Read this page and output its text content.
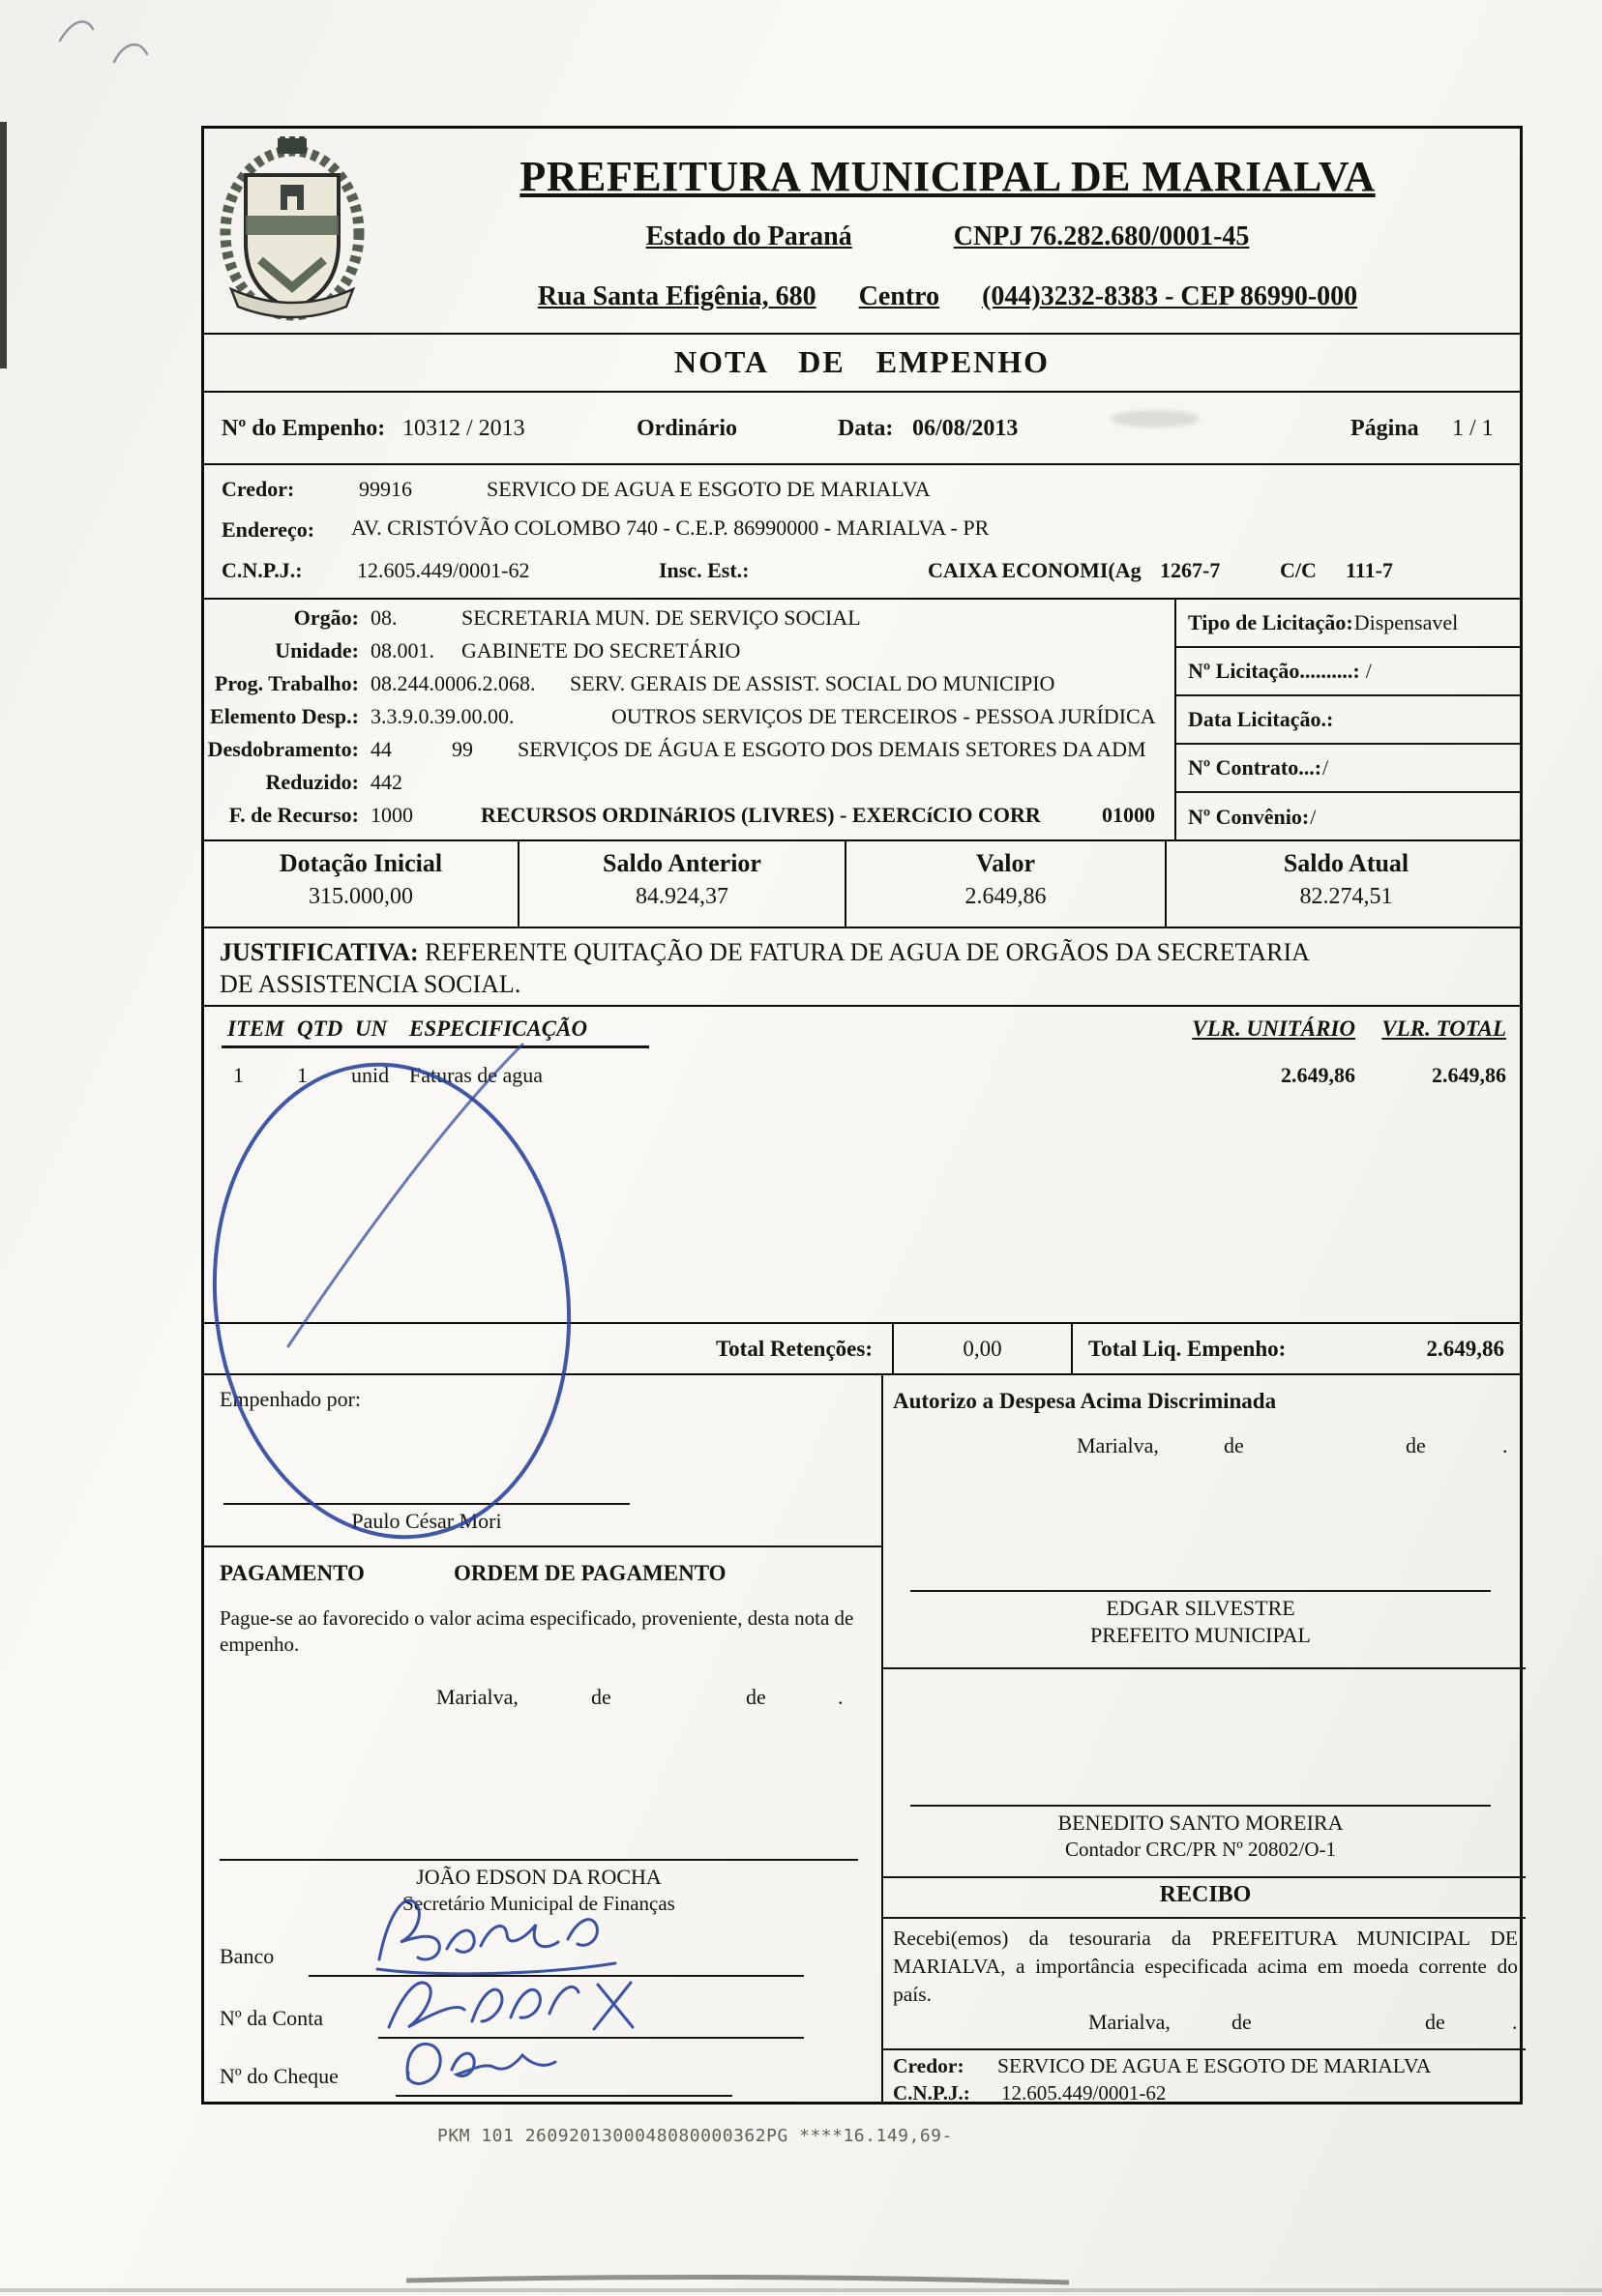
PREFEITURA MUNICIPAL DE MARIALVA
Estado do Paraná	CNPJ 76.282.680/0001-45
Rua Santa Efigênia, 680 Centro (044)3232-8383 - CEP 86990-000
NOTA DE EMPENHO
Nº do Empenho: 10312 / 2013	Ordinário	Data: 06/08/2013	Página 1 / 1
Credor:	99916	SERVICO DE AGUA E ESGOTO DE MARIALVA
Endereço: AV. CRISTÓVÃO COLOMBO 740 - C.E.P. 86990000 - MARIALVA - PR
C.N.P.J.:	12.605.449/0001-62	Insc. Est.:	CAIXA ECONOMI(Ag 1267-7	C/C 111-7
Orgão: 08.	SECRETARIA MUN. DE SERVIÇO SOCIAL
Unidade: 08.001. GABINETE DO SECRETÁRIO
Prog. Trabalho: 08.244.0006.2.068. SERV. GERAIS DE ASSIST. SOCIAL DO MUNICIPIO
Elemento Desp.: 3.3.9.0.39.00.00.	OUTROS SERVIÇOS DE TERCEIROS - PESSOA JURÍDICA
Desdobramento: 44	99 SERVIÇOS DE ÁGUA E ESGOTO DOS DEMAIS SETORES DA ADM
Reduzido: 442
F. de Recurso: 1000	RECURSOS ORDINáRIOS (LIVRES) - EXERCíCIO CORR	01000
Tipo de Licitação: Dispensavel
Nº Licitação..........: /
Data Licitação.:
Nº Contrato...: /
Nº Convênio: /
Dotação Inicial	Saldo Anterior	Valor	Saldo Atual
315.000,00	84.924,37	2.649,86	82.274,51
JUSTIFICATIVA: REFERENTE QUITAÇÃO DE FATURA DE AGUA DE ORGÃOS DA SECRETARIA DE ASSISTENCIA SOCIAL.
ITEM QTD UN ESPECIFICAÇÃO	VLR. UNITÁRIO VLR. TOTAL
1	1 unid Faturas de agua	2.649,86	2.649,86
Total Retenções:	0,00	Total Liq. Empenho:	2.649,86
Empenhado por:
Paulo César Mori
PAGAMENTO	ORDEM DE PAGAMENTO
Pague-se ao favorecido o valor acima especificado, proveniente, desta nota de empenho.
Marialva,	de	de	.
JOÃO EDSON DA ROCHA
Secretário Municipal de Finanças
Banco
Nº da Conta
Nº do Cheque
Autorizo a Despesa Acima Discriminada
Marialva,	de	de	.
EDGAR SILVESTRE
PREFEITO MUNICIPAL
BENEDITO SANTO MOREIRA
Contador CRC/PR Nº 20802/O-1
RECIBO
Recebi(emos) da tesouraria da PREFEITURA MUNICIPAL DE MARIALVA, a importância especificada acima em moeda corrente do país.
Marialva,	de	de	.
Credor: SERVICO DE AGUA E ESGOTO DE MARIALVA
C.N.P.J.: 12.605.449/0001-62
PKM 101 2609201300048080000362PG ****16.149,69-
